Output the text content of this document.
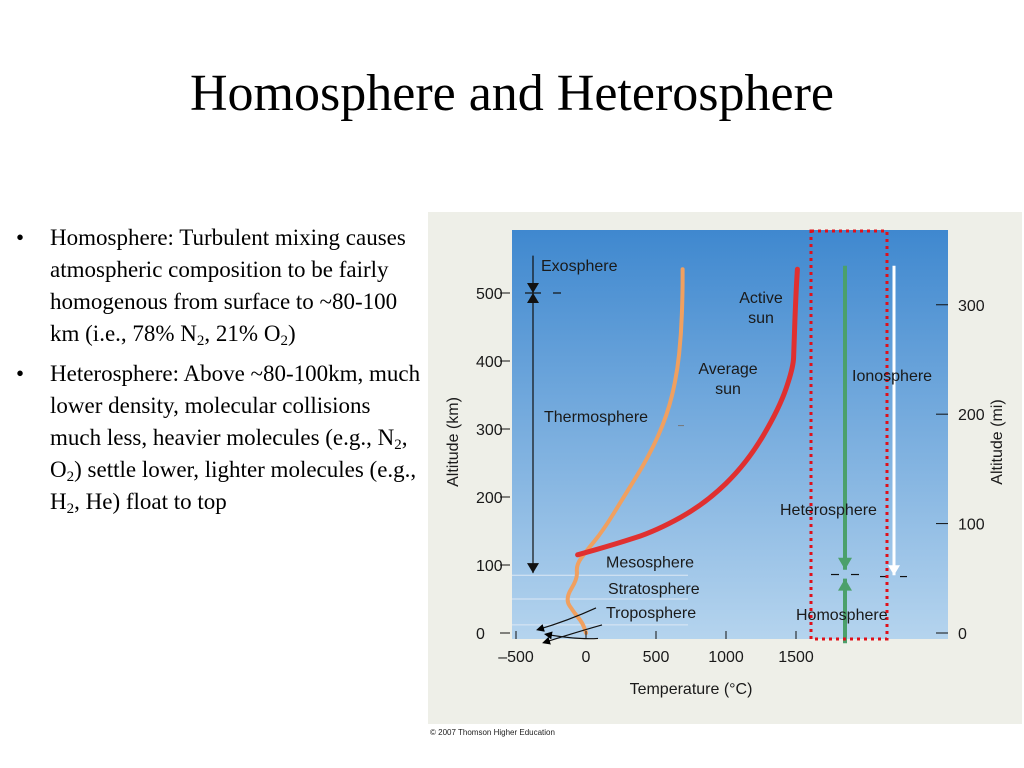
Homosphere and Heterosphere
• Homosphere: Turbulent mixing causes atmospheric composition to be fairly homogenous from surface to ~80-100 km (i.e., 78% $N_2$, 21% $O_2$)
• Heterosphere: Above ~80-100km, much lower density, molecular collisions much less, heavier molecules (e.g., $N_2$, $O_2$) settle lower, lighter molecules (e.g., $H_2$, He) float to top
Exosphere
Thermosphere
Mesosphere
Stratosphere
Troposphere
Active
sun
Average
sun
Ionosphere
Heterosphere
Homosphere
0
100
200
300
400
500
Altitude (km)
0
100
200
300
Altitude (mi)
–500	0	500 1000 1500
Temperature (°C)
© 2007 Thomson Higher Education
